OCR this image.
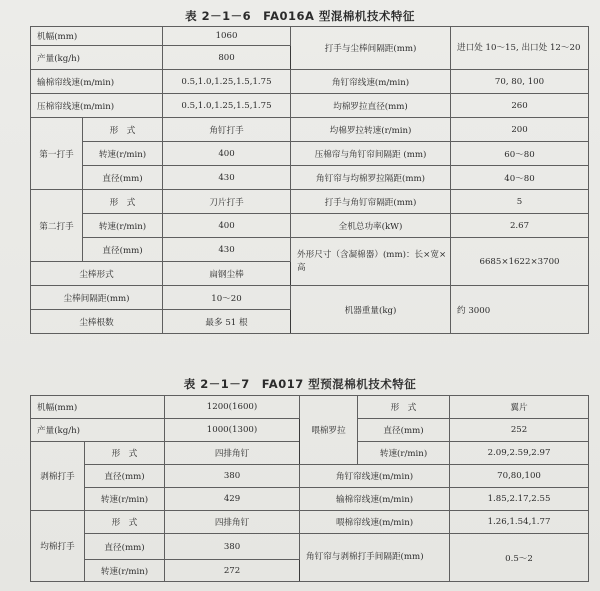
表 2－1－6　FA016A 型混棉机技术特征
机幅(mm)		1060	打手与尘棒间隔距(mm)	进口处 10～15, 出口处 12～20
产量(kg/h)		800		
输棉帘线速(m/min)		0.5,1.0,1.25,1.5,1.75	角钉帘线速(m/min)	70, 80, 100
压棉帘线速(m/min)		0.5,1.0,1.25,1.5,1.75	均棉罗拉直径(mm)	260
第一打手	形　式	角钉打手	均棉罗拉转速(r/min)	200
	转速(r/min)	400	压棉帘与角钉帘间隔距 (mm)	60～80
	直径(mm)	430	角钉帘与均棉罗拉隔距(mm)	40～80
第二打手	形　式	刀片打手	打手与角钉帘隔距(mm)	5
	转速(r/min)	400	全机总功率(kW)	2.67
	直径(mm)	430	外形尺寸（含凝棉器）(mm)：长×宽×高	6685×1622×3700
尘棒形式		扁钢尘棒		
尘棒间隔距(mm)		10～20	机器重量(kg)	约 3000
尘棒根数		最多 51 根		
表 2－1－7　FA017 型预混棉机技术特征
机幅(mm)		1200(1600)	喂棉罗拉	形　式	翼片
产量(kg/h)		1000(1300)		直径(mm)	252
剥棉打手	形　式	四排角钉		转速(r/min)	2.09,2.59,2.97
	直径(mm)	380	角钉帘线速(m/min)		70,80,100
	转速(r/min)	429	输棉帘线速(m/min)		1.85,2.17,2.55
均棉打手	形　式	四排角钉	喂棉帘线速(m/min)		1.26,1.54,1.77
	直径(mm)	380	角钉帘与剥棉打手间隔距(mm)		0.5～2
	转速(r/min)	272			
